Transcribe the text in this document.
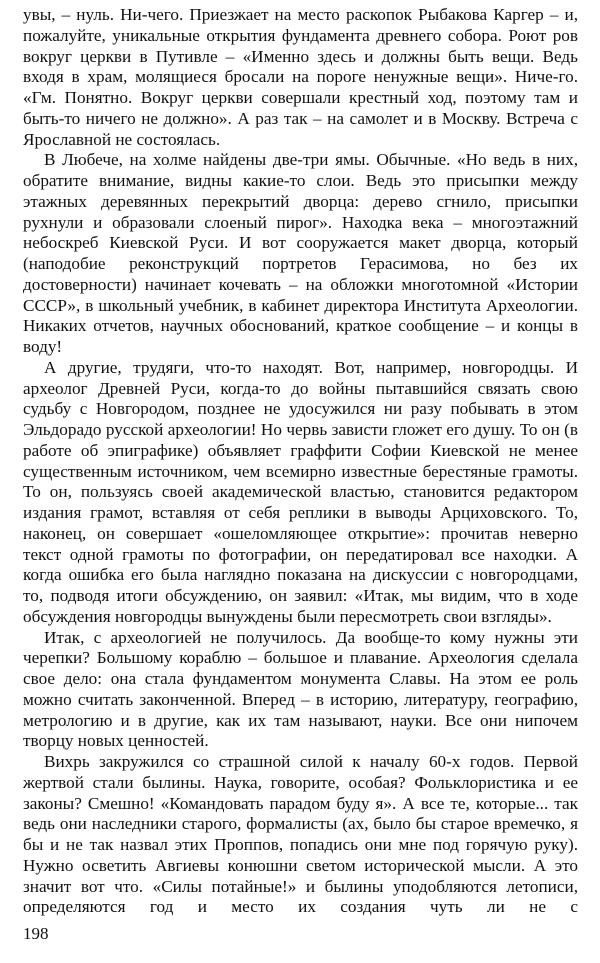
увы, – нуль. Ни-чего. Приезжает на место раскопок Рыбакова Каргер – и, пожалуйте, уникальные открытия фундамента древнего собора. Роют ров вокруг церкви в Путивле – «Именно здесь и должны быть вещи. Ведь входя в храм, молящиеся бросали на пороге ненужные вещи». Ниче-го. «Гм. Понятно. Вокруг церкви совершали крестный ход, поэтому там и быть-то ничего не должно». А раз так – на самолет и в Москву. Встреча с Ярославной не состоялась.

В Любече, на холме найдены две-три ямы. Обычные. «Но ведь в них, обратите внимание, видны какие-то слои. Ведь это присыпки между этажных деревянных перекрытий дворца: дерево сгнило, присыпки рухнули и образовали слоеный пирог». Находка века – многоэтажний небоскреб Киевской Руси. И вот сооружается макет дворца, который (наподобие реконструкций портретов Герасимова, но без их достоверности) начинает кочевать – на обложки многотомной «Истории СССР», в школьный учебник, в кабинет директора Института Археологии. Никаких отчетов, научных обоснований, краткое сообщение – и концы в воду!

А другие, трудяги, что-то находят. Вот, например, новгородцы. И археолог Древней Руси, когда-то до войны пытавшийся связать свою судьбу с Новгородом, позднее не удосужился ни разу побывать в этом Эльдорадо русской археологии! Но червь зависти гложет его душу. То он (в работе об эпиграфике) объявляет граффити Софии Киевской не менее существенным источником, чем всемирно известные берестяные грамоты. То он, пользуясь своей академической властью, становится редактором издания грамот, вставляя от себя реплики в выводы Арциховского. То, наконец, он совершает «ошеломляющее открытие»: прочитав неверно текст одной грамоты по фотографии, он передатировал все находки. А когда ошибка его была наглядно показана на дискуссии с новгородцами, то, подводя итоги обсуждению, он заявил: «Итак, мы видим, что в ходе обсуждения новгородцы вынуждены были пересмотреть свои взгляды».

Итак, с археологией не получилось. Да вообще-то кому нужны эти черепки? Большому кораблю – большое и плавание. Археология сделала свое дело: она стала фундаментом монумента Славы. На этом ее роль можно считать законченной. Вперед – в историю, литературу, географию, метрологию и в другие, как их там называют, науки. Все они нипочем творцу новых ценностей.

Вихрь закружился со страшной силой к началу 60-х годов. Первой жертвой стали былины. Наука, говорите, особая? Фольклористика и ее законы? Смешно! «Командовать парадом буду я». А все те, которые... так ведь они наследники старого, формалисты (ах, было бы старое времечко, я бы и не так назвал этих Проппов, попадись они мне под горячую руку). Нужно осветить Авгиевы конюшни светом исторической мысли. А это значит вот что. «Силы потайные!» и былины уподобляются летописи, определяются год и место их создания чуть ли не с

198
